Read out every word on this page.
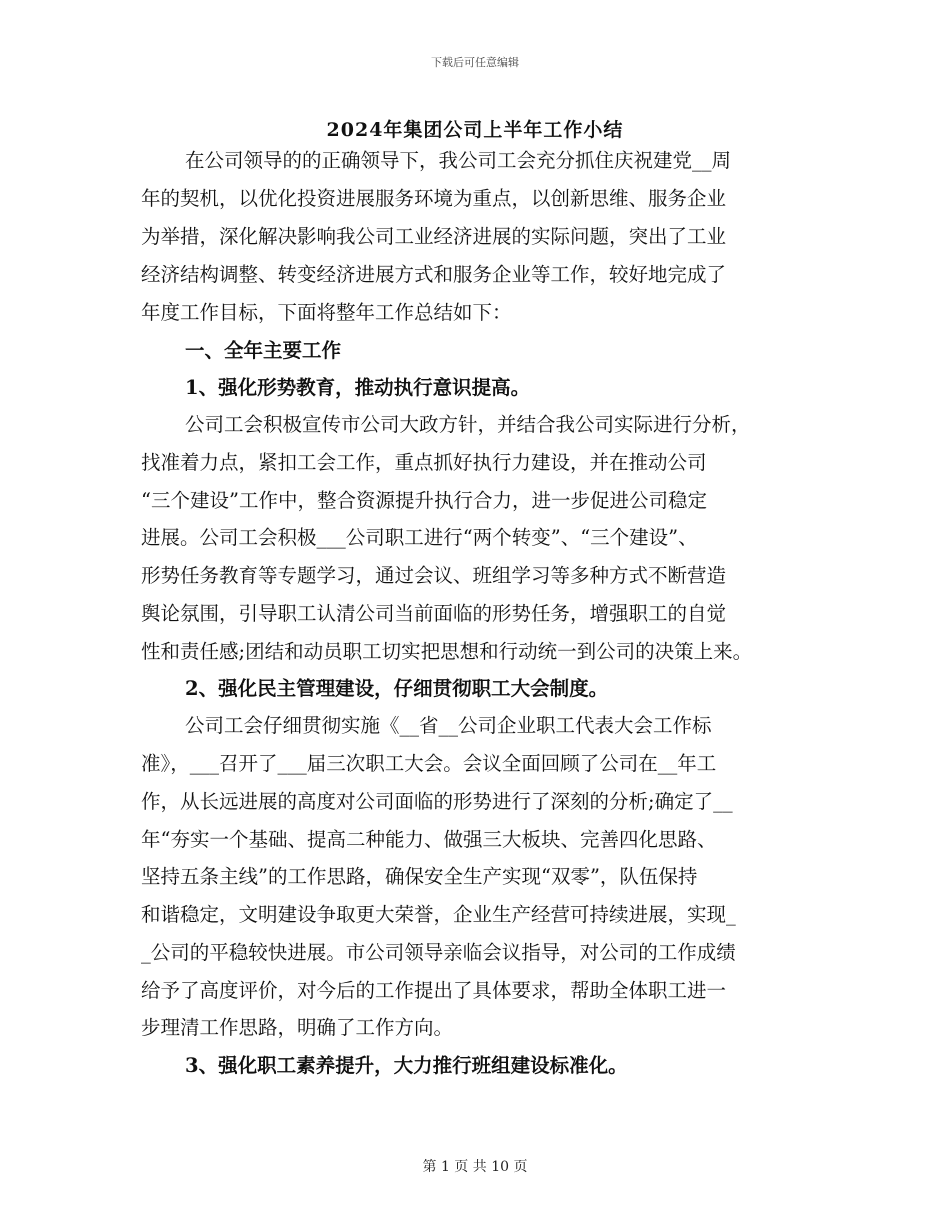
下载后可任意编辑
2024年集团公司上半年工作小结
在公司领导的的正确领导下，我公司工会充分抓住庆祝建党__周
年的契机，以优化投资进展服务环境为重点，以创新思维、服务企业
为举措，深化解决影响我公司工业经济进展的实际问题，突出了工业
经济结构调整、转变经济进展方式和服务企业等工作，较好地完成了
年度工作目标，下面将整年工作总结如下：
一、全年主要工作
1、强化形势教育，推动执行意识提高。
公司工会积极宣传市公司大政方针，并结合我公司实际进行分析，
找准着力点，紧扣工会工作，重点抓好执行力建设，并在推动公司
“三个建设”工作中，整合资源提升执行合力，进一步促进公司稳定
进展。公司工会积极___公司职工进行“两个转变”、“三个建设”、
形势任务教育等专题学习，通过会议、班组学习等多种方式不断营造
舆论氛围，引导职工认清公司当前面临的形势任务，增强职工的自觉
性和责任感;团结和动员职工切实把思想和行动统一到公司的决策上来。
2、强化民主管理建设，仔细贯彻职工大会制度。
公司工会仔细贯彻实施《__省__公司企业职工代表大会工作标
准》，___召开了___届三次职工大会。会议全面回顾了公司在__年工
作，从长远进展的高度对公司面临的形势进行了深刻的分析;确定了__
年“夯实一个基础、提高二种能力、做强三大板块、完善四化思路、
坚持五条主线”的工作思路，确保安全生产实现“双零”，队伍保持
和谐稳定，文明建设争取更大荣誉，企业生产经营可持续进展，实现_
_公司的平稳较快进展。市公司领导亲临会议指导，对公司的工作成绩
给予了高度评价，对今后的工作提出了具体要求，帮助全体职工进一
步理清工作思路，明确了工作方向。
3、强化职工素养提升，大力推行班组建设标准化。
第 1 页 共 10 页
